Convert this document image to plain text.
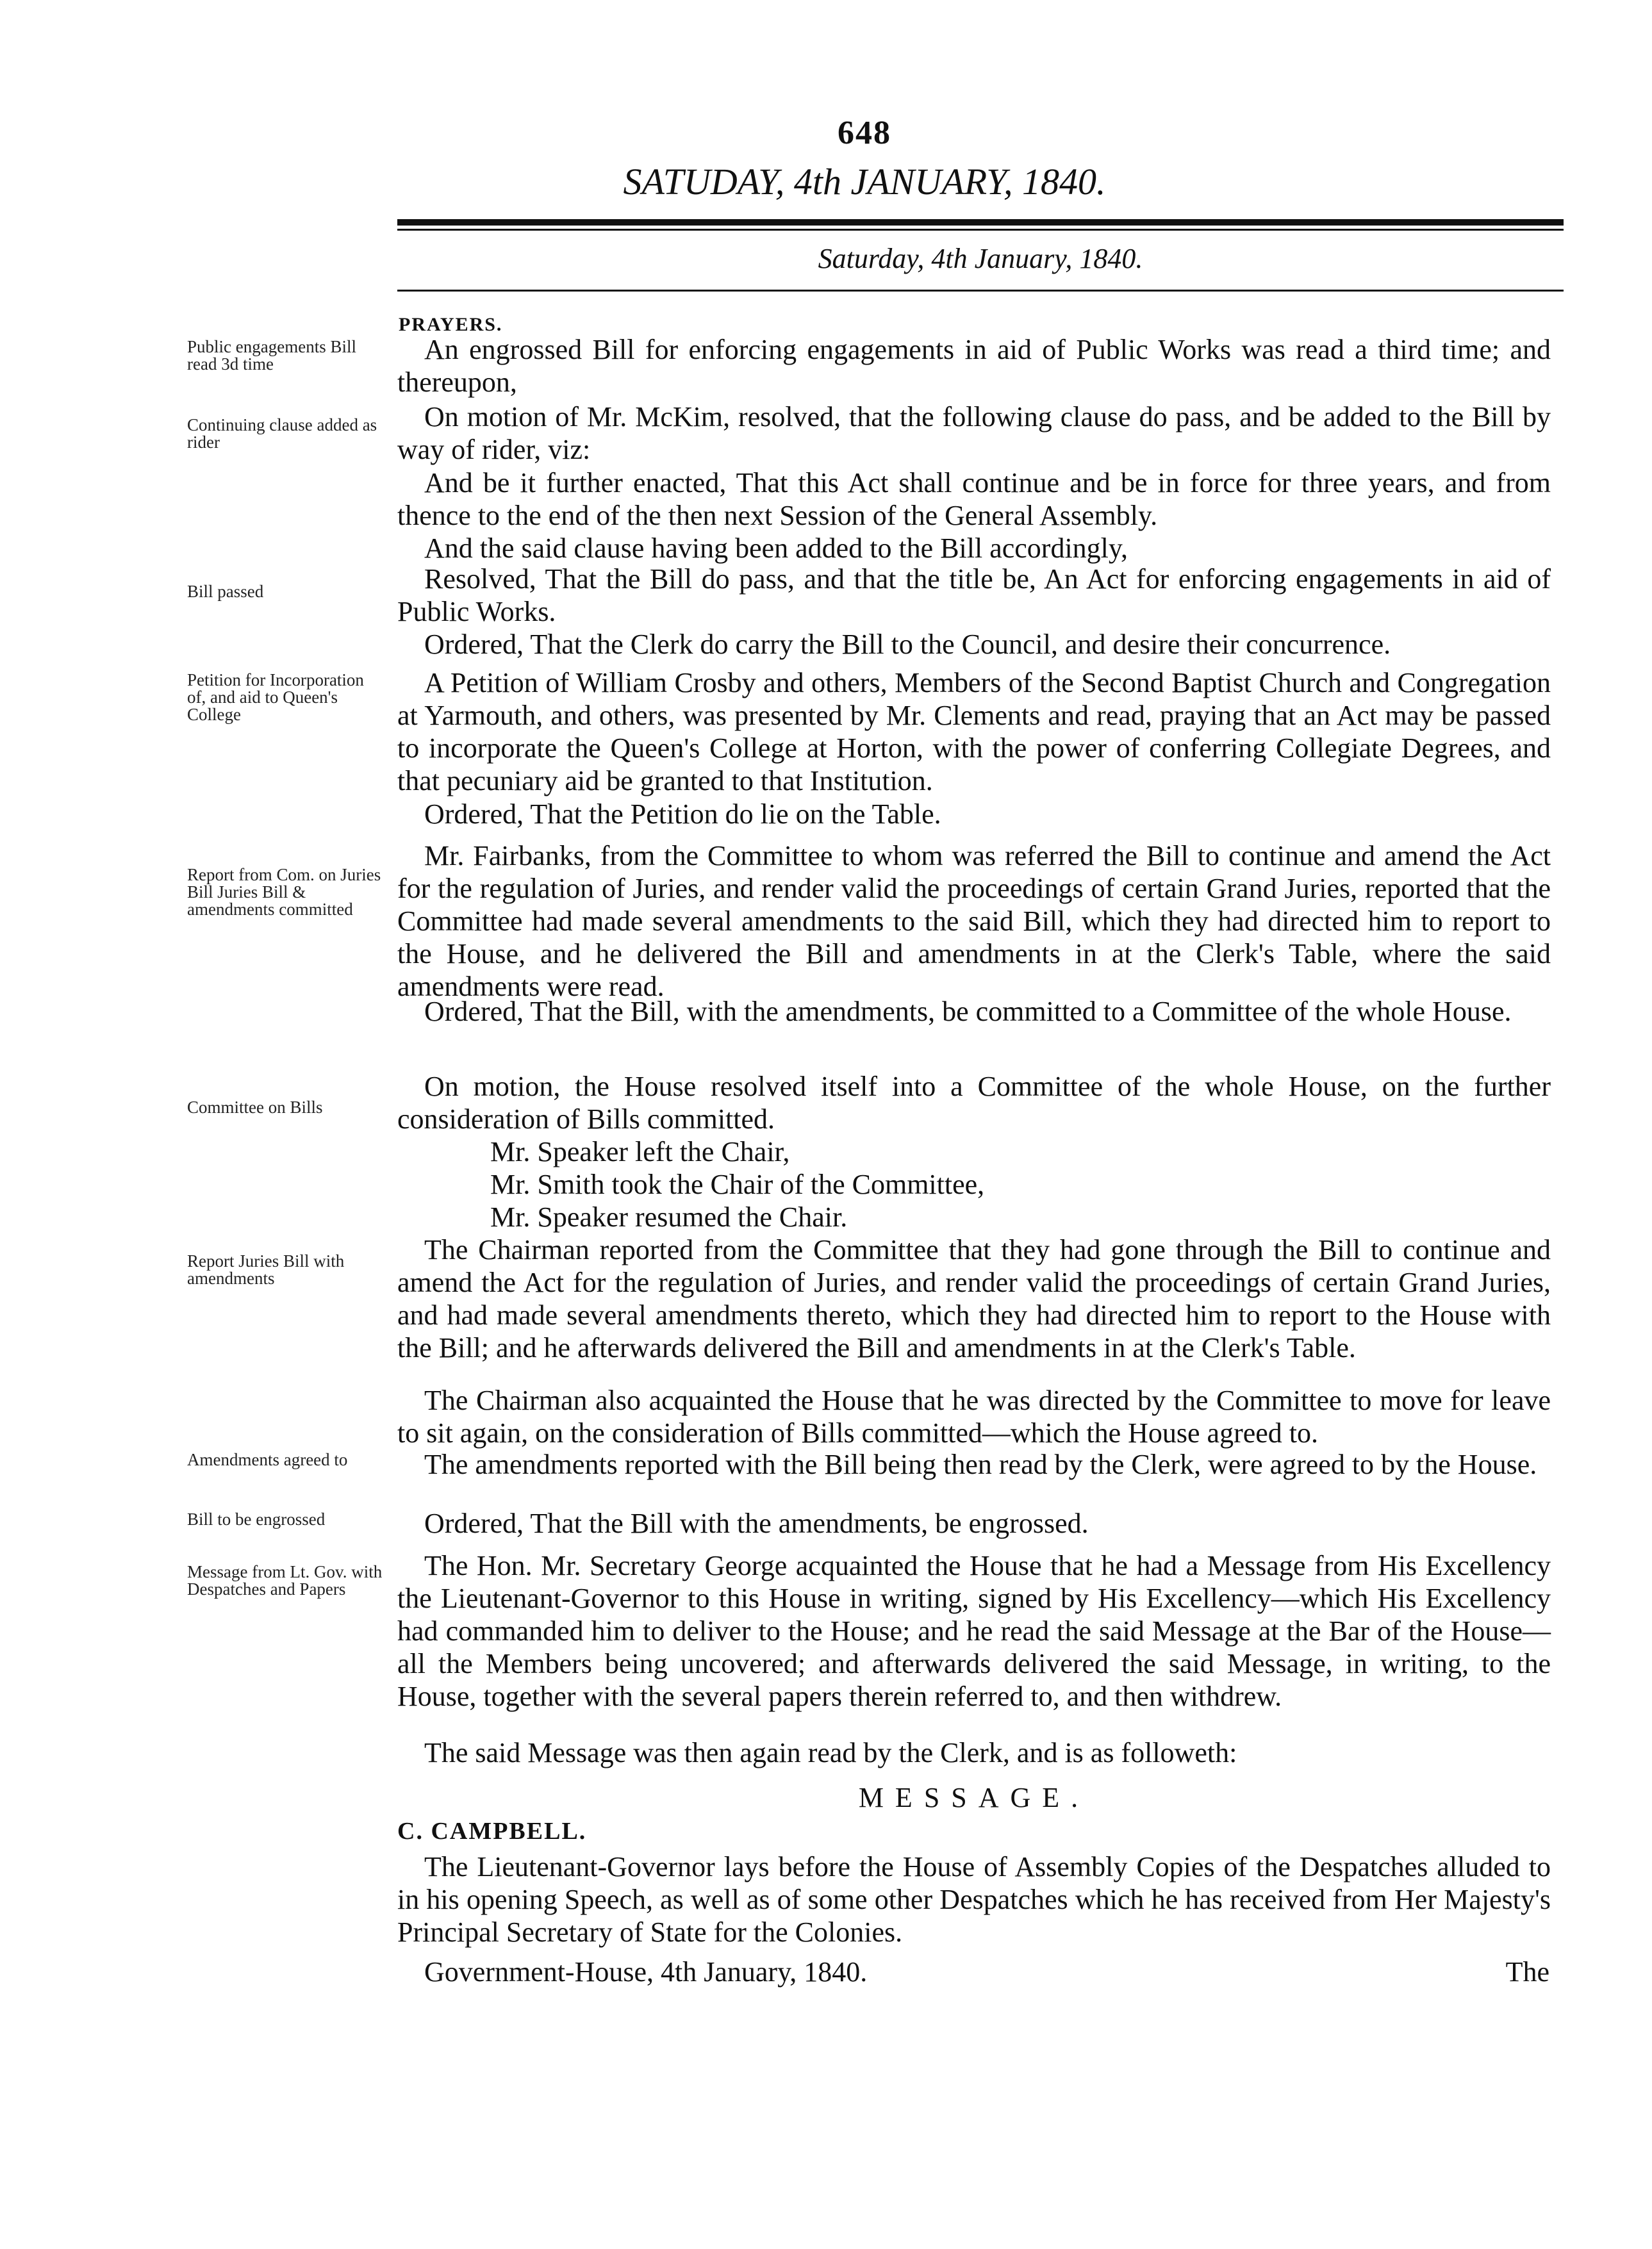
648
SATUDAY, 4th JANUARY, 1840.
Saturday, 4th January, 1840.
PRAYERS.
Public engagements Bill read 3d time
Continuing clause added as rider
Bill passed
Petition for Incorporation of, and aid to Queen's College
Report from Com. on Juries Bill Juries Bill & amendments committed
Committee on Bills
Report Juries Bill with amendments
Amendments agreed to
Bill to be engrossed
Message from Lt. Gov. with Despatches and Papers

An engrossed Bill for enforcing engagements in aid of Public Works was read a third time; and thereupon,

On motion of Mr. McKim, resolved, that the following clause do pass, and be added to the Bill by way of rider, viz:

And be it further enacted, That this Act shall continue and be in force for three years, and from thence to the end of the then next Session of the General Assembly.

And the said clause having been added to the Bill accordingly,

Resolved, That the Bill do pass, and that the title be, An Act for enforcing engagements in aid of Public Works.

Ordered, That the Clerk do carry the Bill to the Council, and desire their concurrence.

A Petition of William Crosby and others, Members of the Second Baptist Church and Congregation at Yarmouth, and others, was presented by Mr. Clements and read, praying that an Act may be passed to incorporate the Queen's College at Horton, with the power of conferring Collegiate Degrees, and that pecuniary aid be granted to that Institution.

Ordered, That the Petition do lie on the Table.

Mr. Fairbanks, from the Committee to whom was referred the Bill to continue and amend the Act for the regulation of Juries, and render valid the proceedings of certain Grand Juries, reported that the Committee had made several amendments to the said Bill, which they had directed him to report to the House, and he delivered the Bill and amendments in at the Clerk's Table, where the said amendments were read.

Ordered, That the Bill, with the amendments, be committed to a Committee of the whole House.

On motion, the House resolved itself into a Committee of the whole House, on the further consideration of Bills committed.

Mr. Speaker left the Chair,

Mr. Smith took the Chair of the Committee,

Mr. Speaker resumed the Chair.

The Chairman reported from the Committee that they had gone through the Bill to continue and amend the Act for the regulation of Juries, and render valid the proceedings of certain Grand Juries, and had made several amendments thereto, which they had directed him to report to the House with the Bill; and he afterwards delivered the Bill and amendments in at the Clerk's Table.

The Chairman also acquainted the House that he was directed by the Committee to move for leave to sit again, on the consideration of Bills committed—which the House agreed to.

The amendments reported with the Bill being then read by the Clerk, were agreed to by the House.

Ordered, That the Bill with the amendments, be engrossed.

The Hon. Mr. Secretary George acquainted the House that he had a Message from His Excellency the Lieutenant-Governor to this House in writing, signed by His Excellency—which His Excellency had commanded him to deliver to the House; and he read the said Message at the Bar of the House—all the Members being uncovered; and afterwards delivered the said Message, in writing, to the House, together with the several papers therein referred to, and then withdrew.

The said Message was then again read by the Clerk, and is as followeth:

MESSAGE.
C. CAMPBELL.

The Lieutenant-Governor lays before the House of Assembly Copies of the Despatches alluded to in his opening Speech, as well as of some other Despatches which he has received from Her Majesty's Principal Secretary of State for the Colonies.

Government-House, 4th January, 1840.	The
